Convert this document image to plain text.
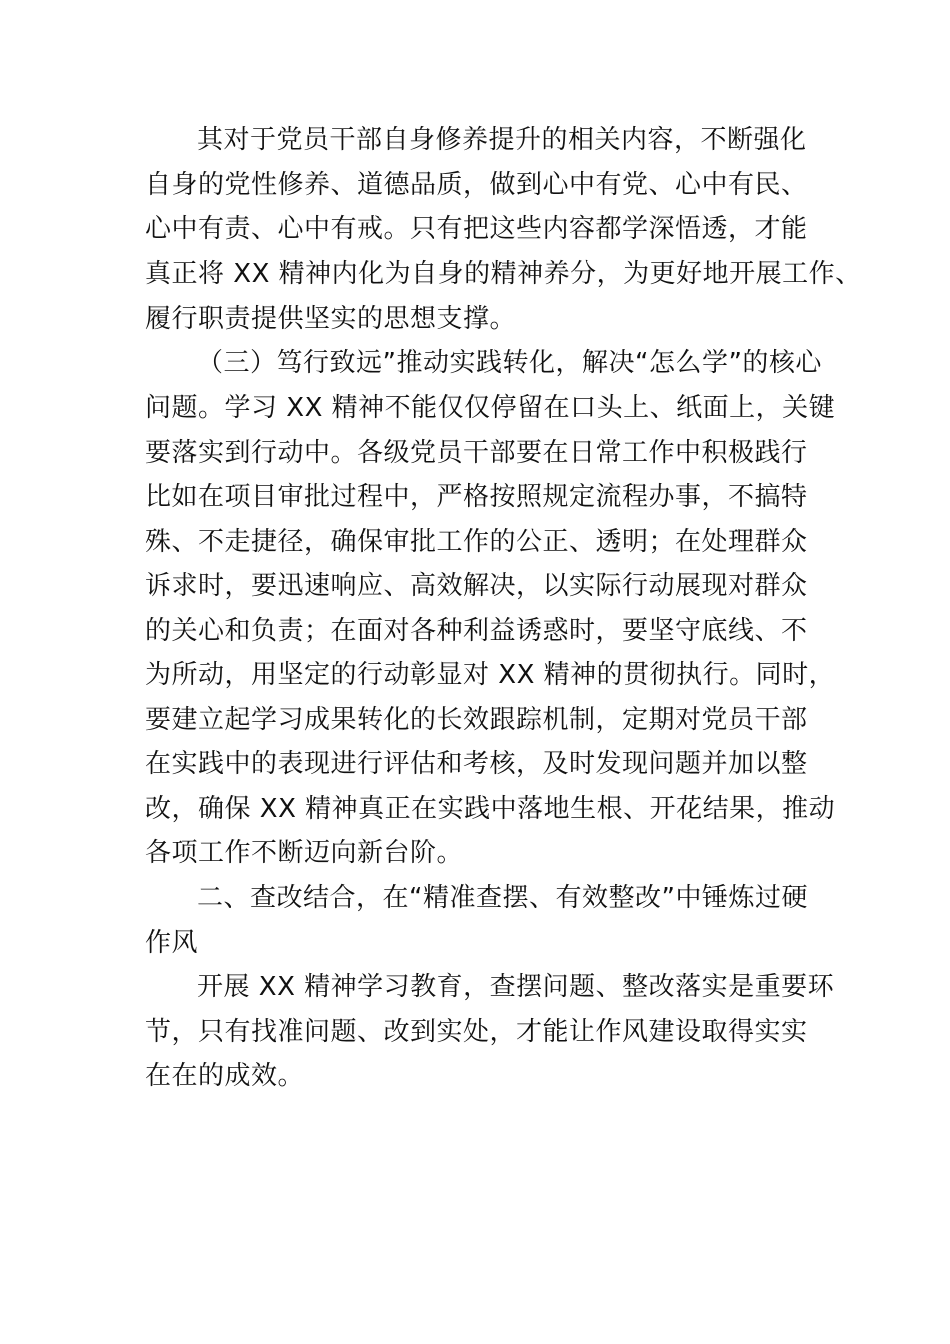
其对于党员干部自身修养提升的相关内容，不断强化
自身的党性修养、道德品质，做到心中有党、心中有民、
心中有责、心中有戒。只有把这些内容都学深悟透，才能
真正将 XX 精神内化为自身的精神养分，为更好地开展工作、
履行职责提供坚实的思想支撑。
（三）笃行致远”推动实践转化，解决“怎么学”的核心
问题。学习 XX 精神不能仅仅停留在口头上、纸面上，关键
要落实到行动中。各级党员干部要在日常工作中积极践行
比如在项目审批过程中，严格按照规定流程办事，不搞特
殊、不走捷径，确保审批工作的公正、透明；在处理群众
诉求时，要迅速响应、高效解决，以实际行动展现对群众
的关心和负责；在面对各种利益诱惑时，要坚守底线、不
为所动，用坚定的行动彰显对 XX 精神的贯彻执行。同时，
要建立起学习成果转化的长效跟踪机制，定期对党员干部
在实践中的表现进行评估和考核，及时发现问题并加以整
改，确保 XX 精神真正在实践中落地生根、开花结果，推动
各项工作不断迈向新台阶。
二、查改结合，在“精准查摆、有效整改”中锤炼过硬
作风
开展 XX 精神学习教育，查摆问题、整改落实是重要环
节，只有找准问题、改到实处，才能让作风建设取得实实
在在的成效。
